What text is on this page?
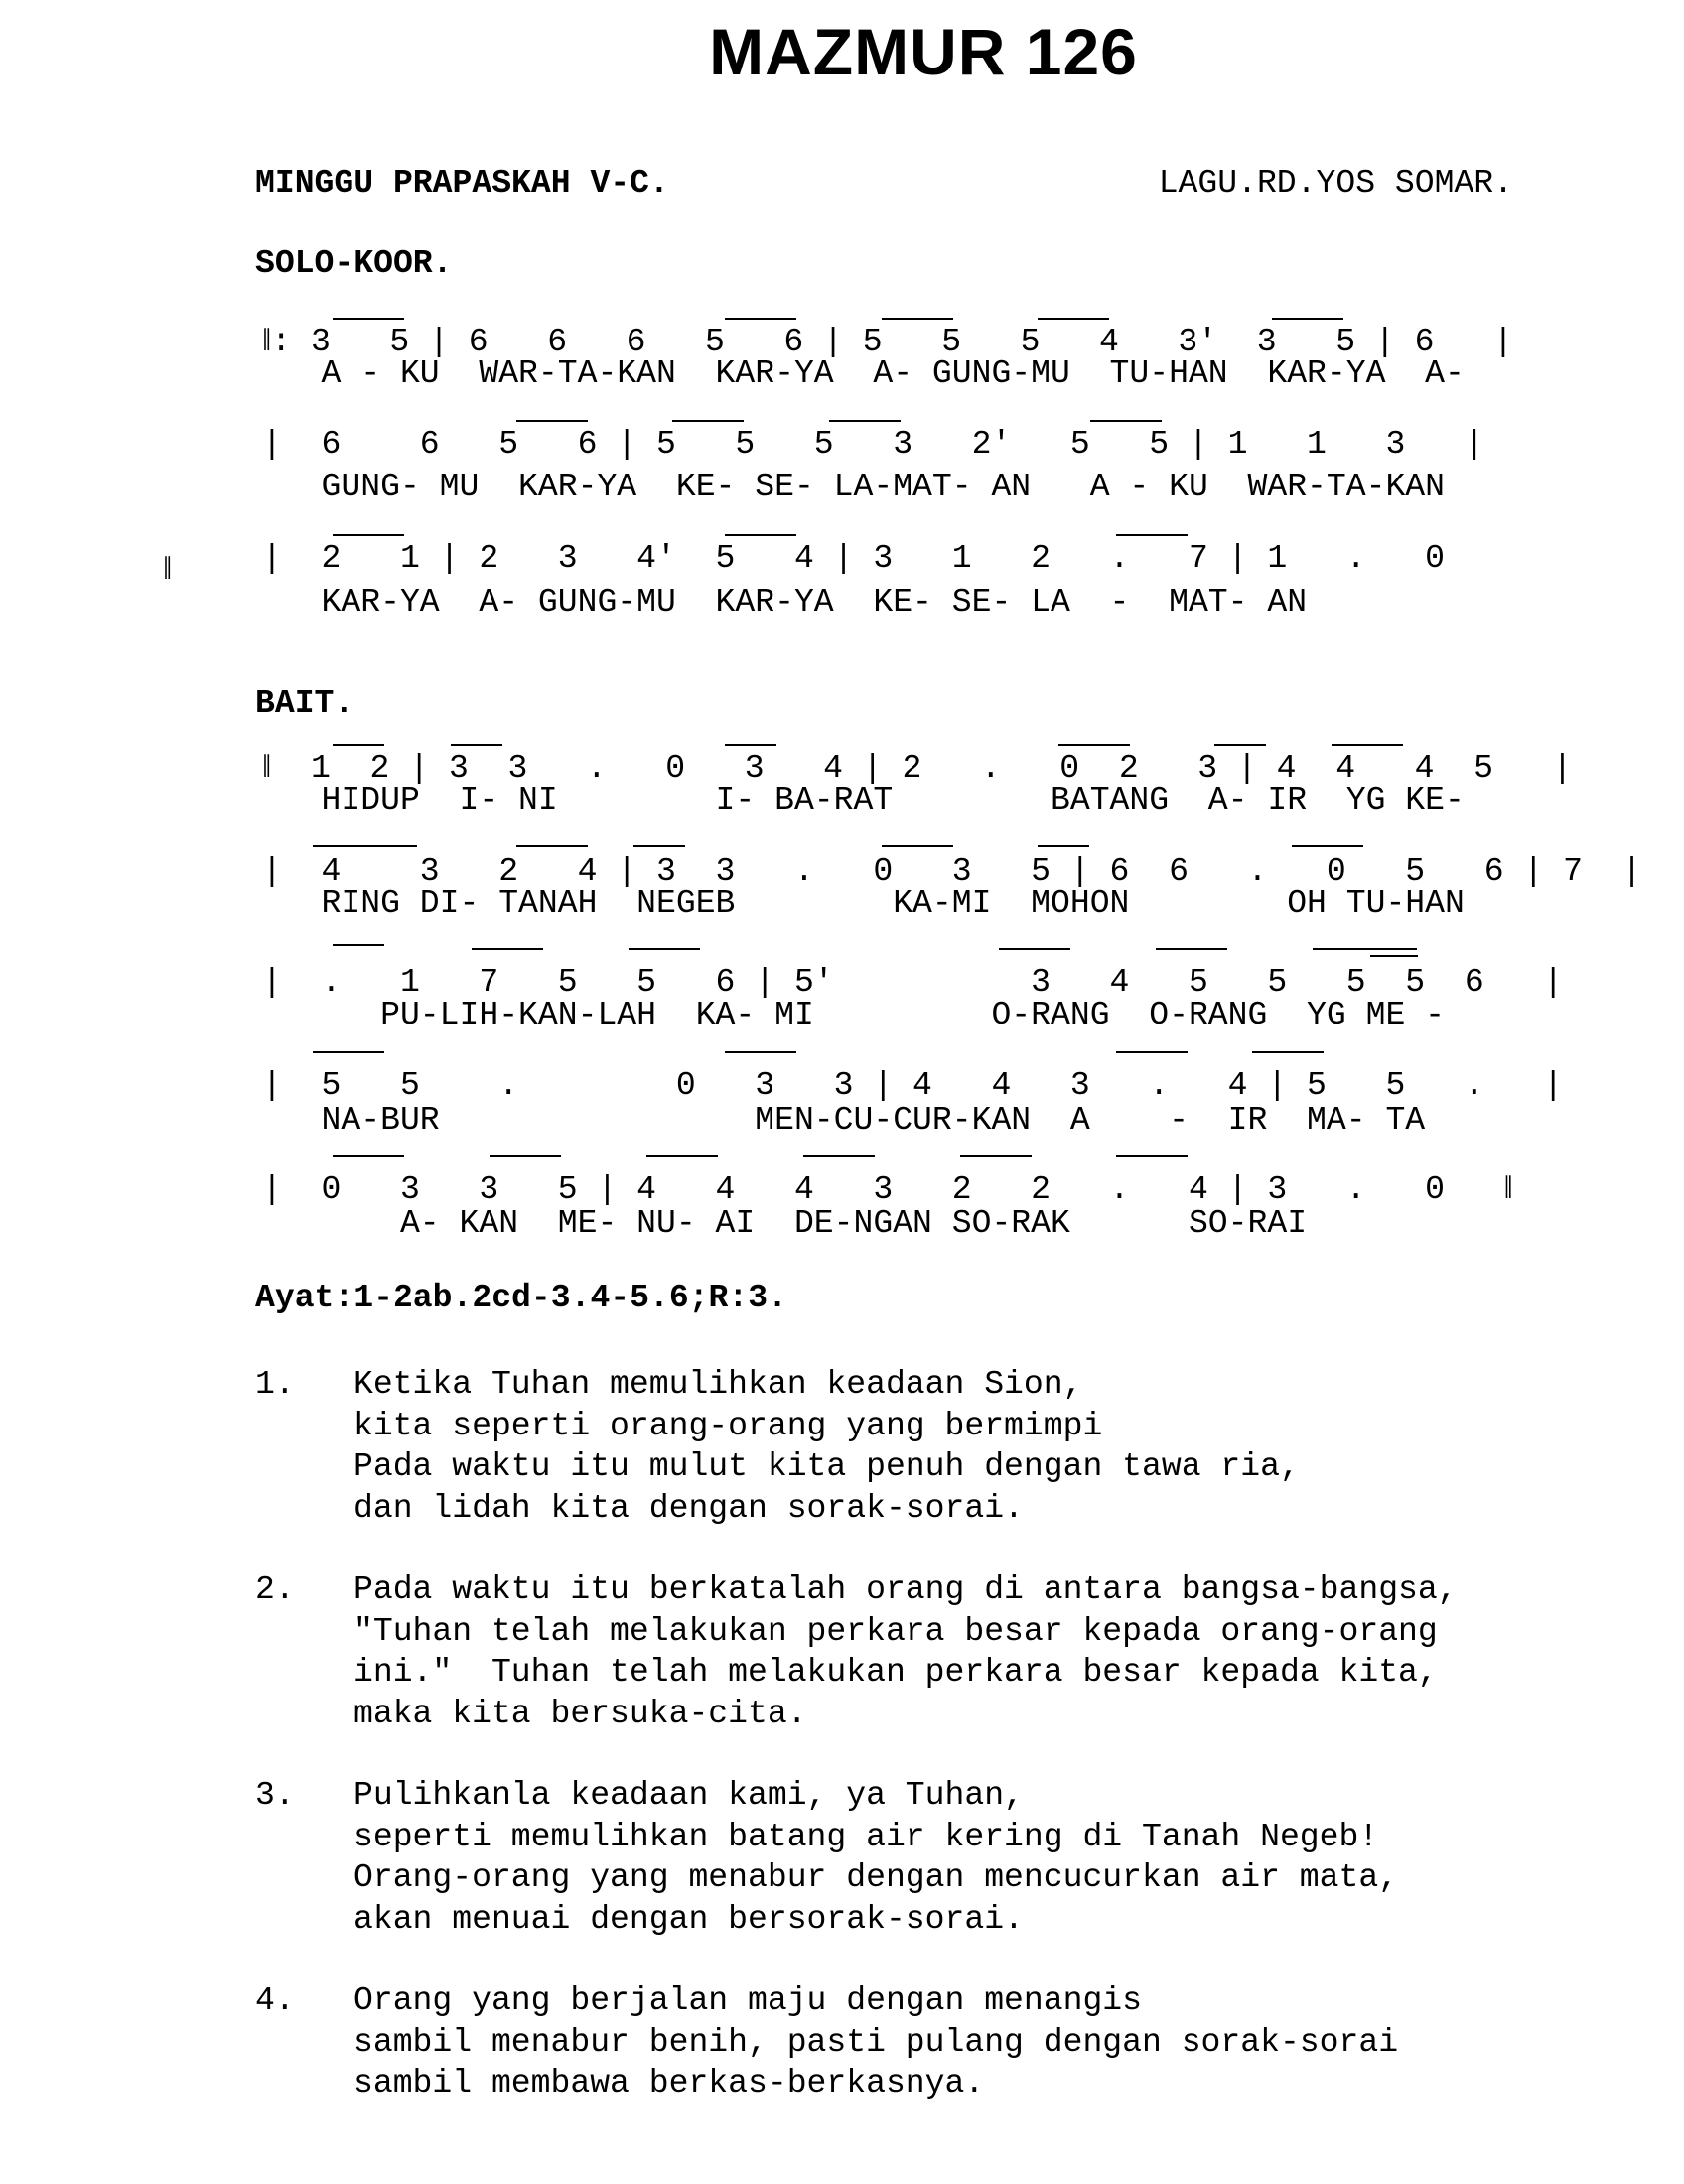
MAZMUR 126
MINGGU PRAPASKAH V-C.	LAGU.RD.YOS SOMAR.
SOLO-KOOR.
‖: 3   5 | 6   6   6   5   6 | 5   5   5   4   3'  3   5 | 6   |
A - KU  WAR-TA-KAN  KAR-YA  A- GUNG-MU  TU-HAN  KAR-YA  A-
|  6    6   5   6 | 5   5   5   3   2'   5   5 | 1   1   3   |
GUNG- MU  KAR-YA  KE- SE- LA-MAT- AN   A - KU  WAR-TA-KAN
|  2   1 | 2   3   4'  5   4 | 3   1   2   .   7 | 1   .   0
KAR-YA  A- GUNG-MU  KAR-YA  KE- SE- LA  -  MAT- AN
‖
BAIT.
‖  1  2 | 3  3   .   0   3   4 | 2   .   0  2   3 | 4  4   4  5   |
HIDUP  I- NI        I- BA-RAT        BATANG  A- IR  YG KE-
|  4    3   2   4 | 3  3   .   0   3   5 | 6  6   .   0   5   6 | 7  |
RING DI- TANAH  NEGEB        KA-MI  MOHON        OH TU-HAN
|  .   1   7   5   5   6 | 5'          3   4   5   5   5  5  6   |
PU-LIH-KAN-LAH  KA- MI         O-RANG  O-RANG  YG ME -
|  5   5    .        0   3   3 | 4   4   3   .   4 | 5   5   .   |
NA-BUR                MEN-CU-CUR-KAN  A    -  IR  MA- TA
|  0   3   3   5 | 4   4   4   3   2   2   .   4 | 3   .   0   ‖
A- KAN  ME- NU- AI  DE-NGAN SO-RAK      SO-RAI
Ayat:1-2ab.2cd-3.4-5.6;R:3.
1.	Ketika Tuhan memulihkan keadaan Sion,
kita seperti orang-orang yang bermimpi
Pada waktu itu mulut kita penuh dengan tawa ria,
dan lidah kita dengan sorak-sorai.
2.	Pada waktu itu berkatalah orang di antara bangsa-bangsa,
"Tuhan telah melakukan perkara besar kepada orang-orang
ini."  Tuhan telah melakukan perkara besar kepada kita,
maka kita bersuka-cita.
3.	Pulihkanla keadaan kami, ya Tuhan,
seperti memulihkan batang air kering di Tanah Negeb!
Orang-orang yang menabur dengan mencucurkan air mata,
akan menuai dengan bersorak-sorai.
4.	Orang yang berjalan maju dengan menangis
sambil menabur benih, pasti pulang dengan sorak-sorai
sambil membawa berkas-berkasnya.
